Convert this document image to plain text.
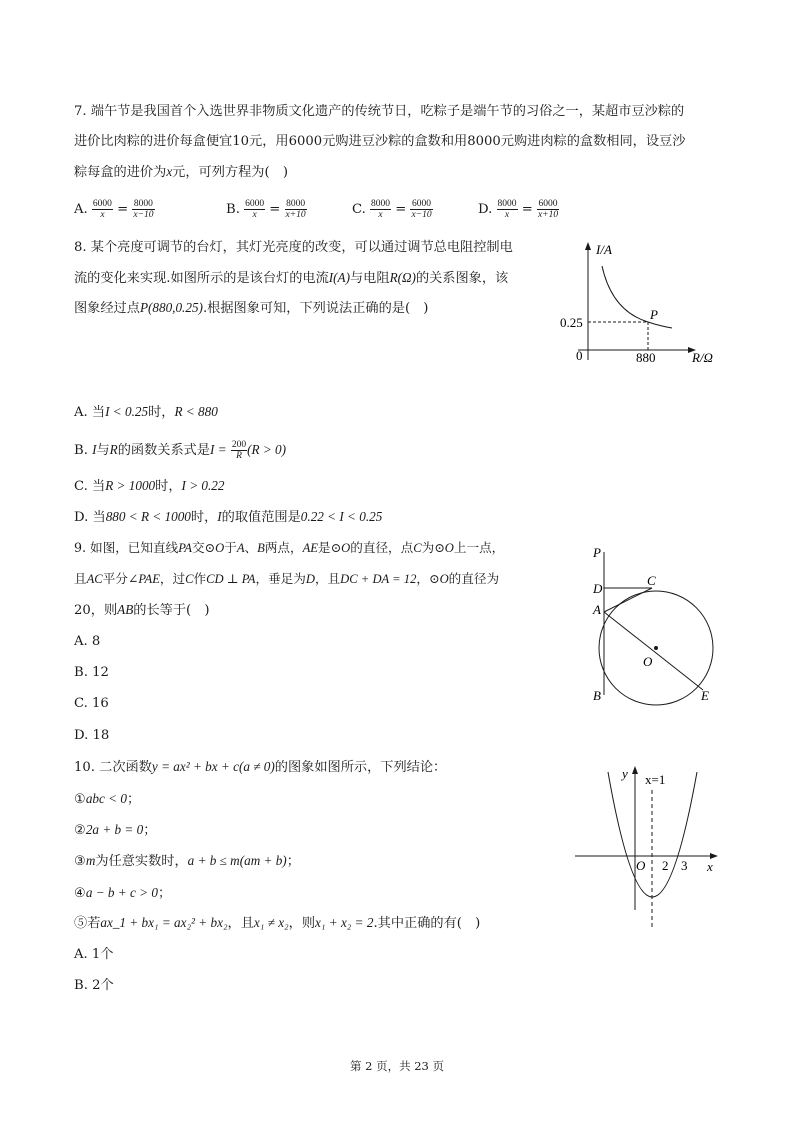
7. 端午节是我国首个入选世界非物质文化遗产的传统节日，吃粽子是端午节的习俗之一，某超市豆沙粽的
进价比肉粽的进价每盒便宜10元，用6000元购进豆沙粽的盒数和用8000元购进肉粽的盒数相同，设豆沙
粽每盒的进价为x元，可列方程为(　)
A. $\frac{6000}{x} = \frac{8000}{x-10}$	B. $\frac{6000}{x} = \frac{8000}{x+10}$	C. $\frac{8000}{x} = \frac{6000}{x-10}$	D. $\frac{8000}{x} = \frac{6000}{x+10}$
8. 某个亮度可调节的台灯，其灯光亮度的改变，可以通过调节总电阻控制电
流的变化来实现.如图所示的是该台灯的电流I(A)与电阻R(Ω)的关系图象，该
图象经过点P(880,0.25).根据图象可知，下列说法正确的是(　)
I/A
R/Ω
0
0.25
880
P
A. 当I < 0.25时，R < 880
B. I与R的函数关系式是$I = \frac{200}{R} (R > 0)$
C. 当R > 1000时，I > 0.22
D. 当880 < R < 1000时，I的取值范围是0.22 < I < 0.25
9. 如图，已知直线PA交⊙O于A、B两点，AE是⊙O的直径，点C为⊙O上一点，
且AC平分∠PAE，过C作CD ⊥ PA，垂足为D，且DC + DA = 12，⊙O的直径为
20，则AB的长等于(　)
A. 8
B. 12
C. 16
D. 18
P
D
C
A
O
B	E
10. 二次函数y = ax² + bx + c(a ≠ 0)的图象如图所示，下列结论：
①abc < 0；
②2a + b = 0；
③m为任意实数时，a + b ≤ m(am + b)；
④a − b + c > 0；
⑤若ax_1 + bx₁ = ax₂² + bx₂，且x₁ ≠ x₂，则x₁ + x₂ = 2.其中正确的有(　)
A. 1个
B. 2个
y x=1
O 2 3 x
第 2 页，共 23 页
